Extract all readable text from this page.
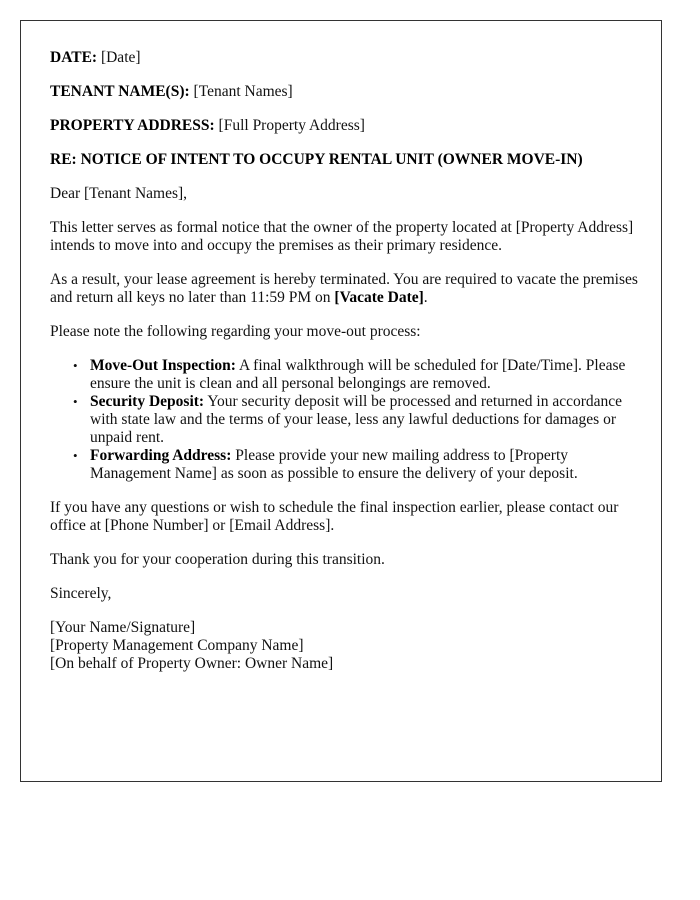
DATE: [Date]

TENANT NAME(S): [Tenant Names]

PROPERTY ADDRESS: [Full Property Address]

RE: NOTICE OF INTENT TO OCCUPY RENTAL UNIT (OWNER MOVE-IN)

Dear [Tenant Names],

This letter serves as formal notice that the owner of the property located at [Property Address] intends to move into and occupy the premises as their primary residence.

As a result, your lease agreement is hereby terminated. You are required to vacate the premises and return all keys no later than 11:59 PM on [Vacate Date].

Please note the following regarding your move-out process:

• Move-Out Inspection: A final walkthrough will be scheduled for [Date/Time]. Please ensure the unit is clean and all personal belongings are removed.
• Security Deposit: Your security deposit will be processed and returned in accordance with state law and the terms of your lease, less any lawful deductions for damages or unpaid rent.
• Forwarding Address: Please provide your new mailing address to [Property Management Name] as soon as possible to ensure the delivery of your deposit.

If you have any questions or wish to schedule the final inspection earlier, please contact our office at [Phone Number] or [Email Address].

Thank you for your cooperation during this transition.

Sincerely,

[Your Name/Signature]
[Property Management Company Name]
[On behalf of Property Owner: Owner Name]
